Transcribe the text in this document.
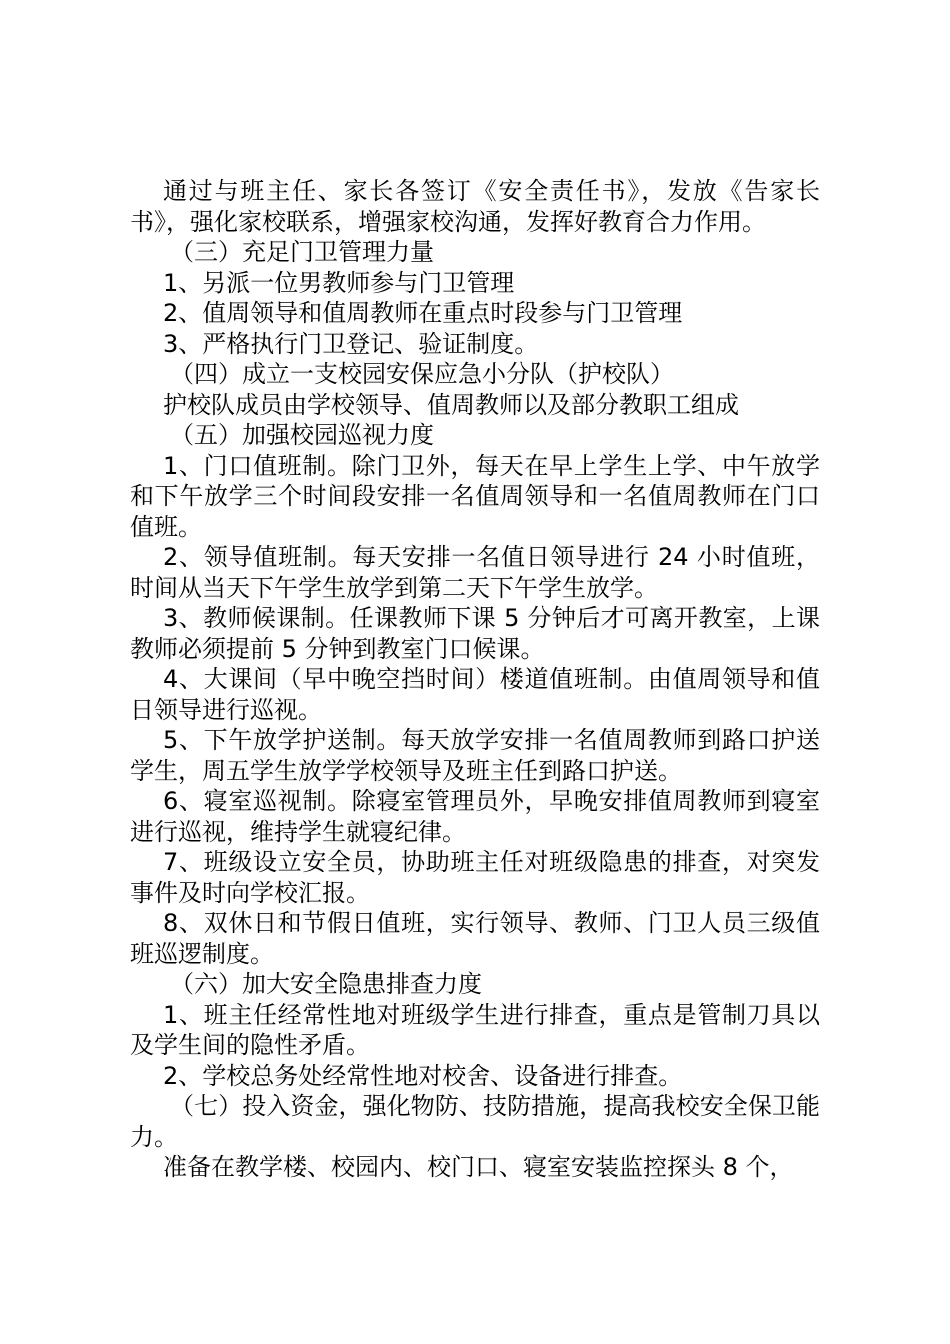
通过与班主任、家长各签订《安全责任书》，发放《告家长书》，强化家校联系，增强家校沟通，发挥好教育合力作用。

（三）充足门卫管理力量

1、另派一位男教师参与门卫管理

2、值周领导和值周教师在重点时段参与门卫管理

3、严格执行门卫登记、验证制度。

（四）成立一支校园安保应急小分队（护校队）

护校队成员由学校领导、值周教师以及部分教职工组成

（五）加强校园巡视力度

1、门口值班制。除门卫外，每天在早上学生上学、中午放学和下午放学三个时间段安排一名值周领导和一名值周教师在门口值班。

2、领导值班制。每天安排一名值日领导进行 24 小时值班，时间从当天下午学生放学到第二天下午学生放学。

3、教师候课制。任课教师下课 5 分钟后才可离开教室，上课教师必须提前 5 分钟到教室门口候课。

4、大课间（早中晚空挡时间）楼道值班制。由值周领导和值日领导进行巡视。

5、下午放学护送制。每天放学安排一名值周教师到路口护送学生，周五学生放学学校领导及班主任到路口护送。

6、寝室巡视制。除寝室管理员外，早晚安排值周教师到寝室进行巡视，维持学生就寝纪律。

7、班级设立安全员，协助班主任对班级隐患的排查，对突发事件及时向学校汇报。

8、双休日和节假日值班，实行领导、教师、门卫人员三级值班巡逻制度。

（六）加大安全隐患排查力度

1、班主任经常性地对班级学生进行排查，重点是管制刀具以及学生间的隐性矛盾。

2、学校总务处经常性地对校舍、设备进行排查。

（七）投入资金，强化物防、技防措施，提高我校安全保卫能力。

准备在教学楼、校园内、校门口、寝室安装监控探头 8 个，
